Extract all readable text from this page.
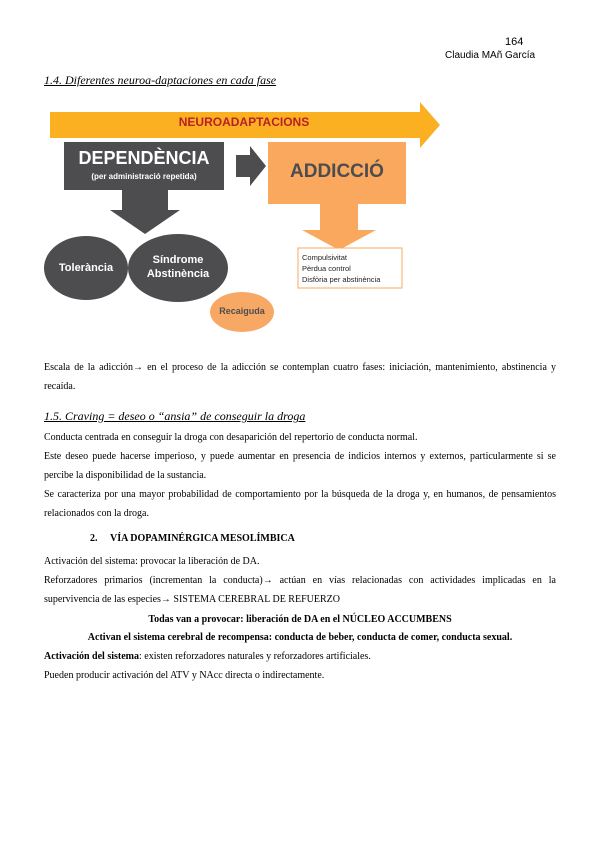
164
Claudia MAñ García
1.4. Diferentes neuroa-daptaciones en cada fase
NEUROADAPTACIONS
DEPENDÈNCIA
(per administració repetida)	ADDICCIÓ
Tolerància
Síndrome
Abstinència
Recaiguda
Compulsivitat
Pèrdua control
Disfòria per abstinència

Escala de la adicción→ en el proceso de la adicción se contemplan cuatro fases: iniciación, mantenimiento, abstinencia y recaída.

1.5. Craving = deseo o “ansia” de conseguir la droga

Conducta centrada en conseguir la droga con desaparición del repertorio de conducta normal.

Este deseo puede hacerse imperioso, y puede aumentar en presencia de indicios internos y externos, particularmente si se percibe la disponibilidad de la sustancia.

Se caracteriza por una mayor probabilidad de comportamiento por la búsqueda de la droga y, en humanos, de pensamientos relacionados con la droga.

2. VÍA DOPAMINÉRGICA MESOLÍMBICA

Activación del sistema: provocar la liberación de DA.

Reforzadores primarios (incrementan la conducta)→ actúan en vías relacionadas con actividades implicadas en la supervivencia de las especies→ SISTEMA CEREBRAL DE REFUERZO

Todas van a provocar: liberación de DA en el NÚCLEO ACCUMBENS
Activan el sistema cerebral de recompensa: conducta de beber, conducta de comer, conducta sexual.

Activación del sistema: existen reforzadores naturales y reforzadores artificiales.

Pueden producir activación del ATV y NAcc directa o indirectamente.
